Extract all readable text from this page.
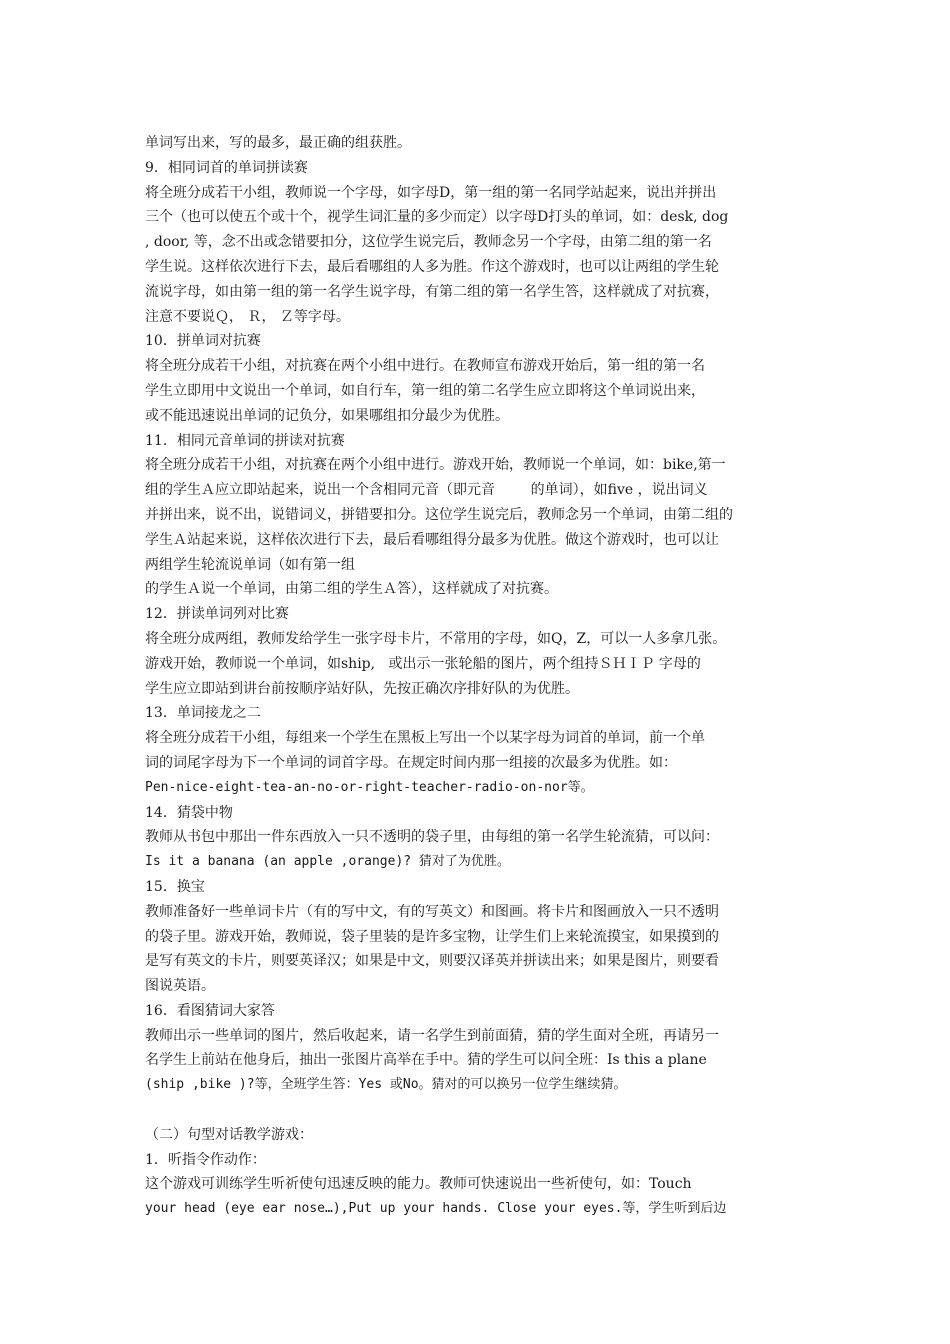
单词写出来，写的最多，最正确的组获胜。
9．相同词首的单词拼读赛
将全班分成若干小组，教师说一个字母，如字母D，第一组的第一名同学站起来，说出并拼出
三个（也可以使五个或十个，视学生词汇量的多少而定）以字母D打头的单词，如：desk, dog
, door, 等，念不出或念错要扣分，这位学生说完后，教师念另一个字母，由第二组的第一名
学生说。这样依次进行下去，最后看哪组的人多为胜。作这个游戏时，也可以让两组的学生轮
流说字母，如由第一组的第一名学生说字母，有第二组的第一名学生答，这样就成了对抗赛，
注意不要说Ｑ， Ｒ， Ｚ等字母。
10．拼单词对抗赛
将全班分成若干小组，对抗赛在两个小组中进行。在教师宣布游戏开始后，第一组的第一名
学生立即用中文说出一个单词，如自行车，第一组的第二名学生应立即将这个单词说出来，
或不能迅速说出单词的记负分，如果哪组扣分最少为优胜。
11．相同元音单词的拼读对抗赛
将全班分成若干小组，对抗赛在两个小组中进行。游戏开始，教师说一个单词，如：bike,第一
组的学生Ａ应立即站起来，说出一个含相同元音（即元音        的单词），如five ，说出词义
并拼出来，说不出，说错词义，拼错要扣分。这位学生说完后，教师念另一个单词，由第二组的
学生Ａ站起来说，这样依次进行下去，最后看哪组得分最多为优胜。做这个游戏时，也可以让
两组学生轮流说单词（如有第一组
的学生Ａ说一个单词，由第二组的学生Ａ答），这样就成了对抗赛。
12．拼读单词列对比赛
将全班分成两组，教师发给学生一张字母卡片，不常用的字母，如Q，Z，可以一人多拿几张。
游戏开始，教师说一个单词，如ship,   或出示一张轮船的图片，两个组持ＳＨＩＰ 字母的
学生应立即站到讲台前按顺序站好队，先按正确次序排好队的为优胜。
13．单词接龙之二
将全班分成若干小组，每组来一个学生在黑板上写出一个以某字母为词首的单词，前一个单
词的词尾字母为下一个单词的词首字母。在规定时间内那一组接的次最多为优胜。如：
Pen-nice-eight-tea-an-no-or-right-teacher-radio-on-nor等。
14．猜袋中物
教师从书包中那出一件东西放入一只不透明的袋子里，由每组的第一名学生轮流猜，可以问：
Is it a banana (an apple ,orange)? 猜对了为优胜。
15．换宝
教师准备好一些单词卡片（有的写中文，有的写英文）和图画。将卡片和图画放入一只不透明
的袋子里。游戏开始，教师说，袋子里装的是许多宝物，让学生们上来轮流摸宝，如果摸到的
是写有英文的卡片，则要英译汉；如果是中文，则要汉译英并拼读出来；如果是图片，则要看
图说英语。
16．看图猜词大家答
教师出示一些单词的图片，然后收起来，请一名学生到前面猜，猜的学生面对全班，再请另一
名学生上前站在他身后，抽出一张图片高举在手中。猜的学生可以问全班：Is this a plane
(ship ,bike )?等，全班学生答：Yes 或No。猜对的可以换另一位学生继续猜。
（二）句型对话教学游戏：
1．听指令作动作：
这个游戏可训练学生听祈使句迅速反映的能力。教师可快速说出一些祈使句，如：Touch
your head (eye ear nose…),Put up your hands. Close your eyes.等，学生听到后边
